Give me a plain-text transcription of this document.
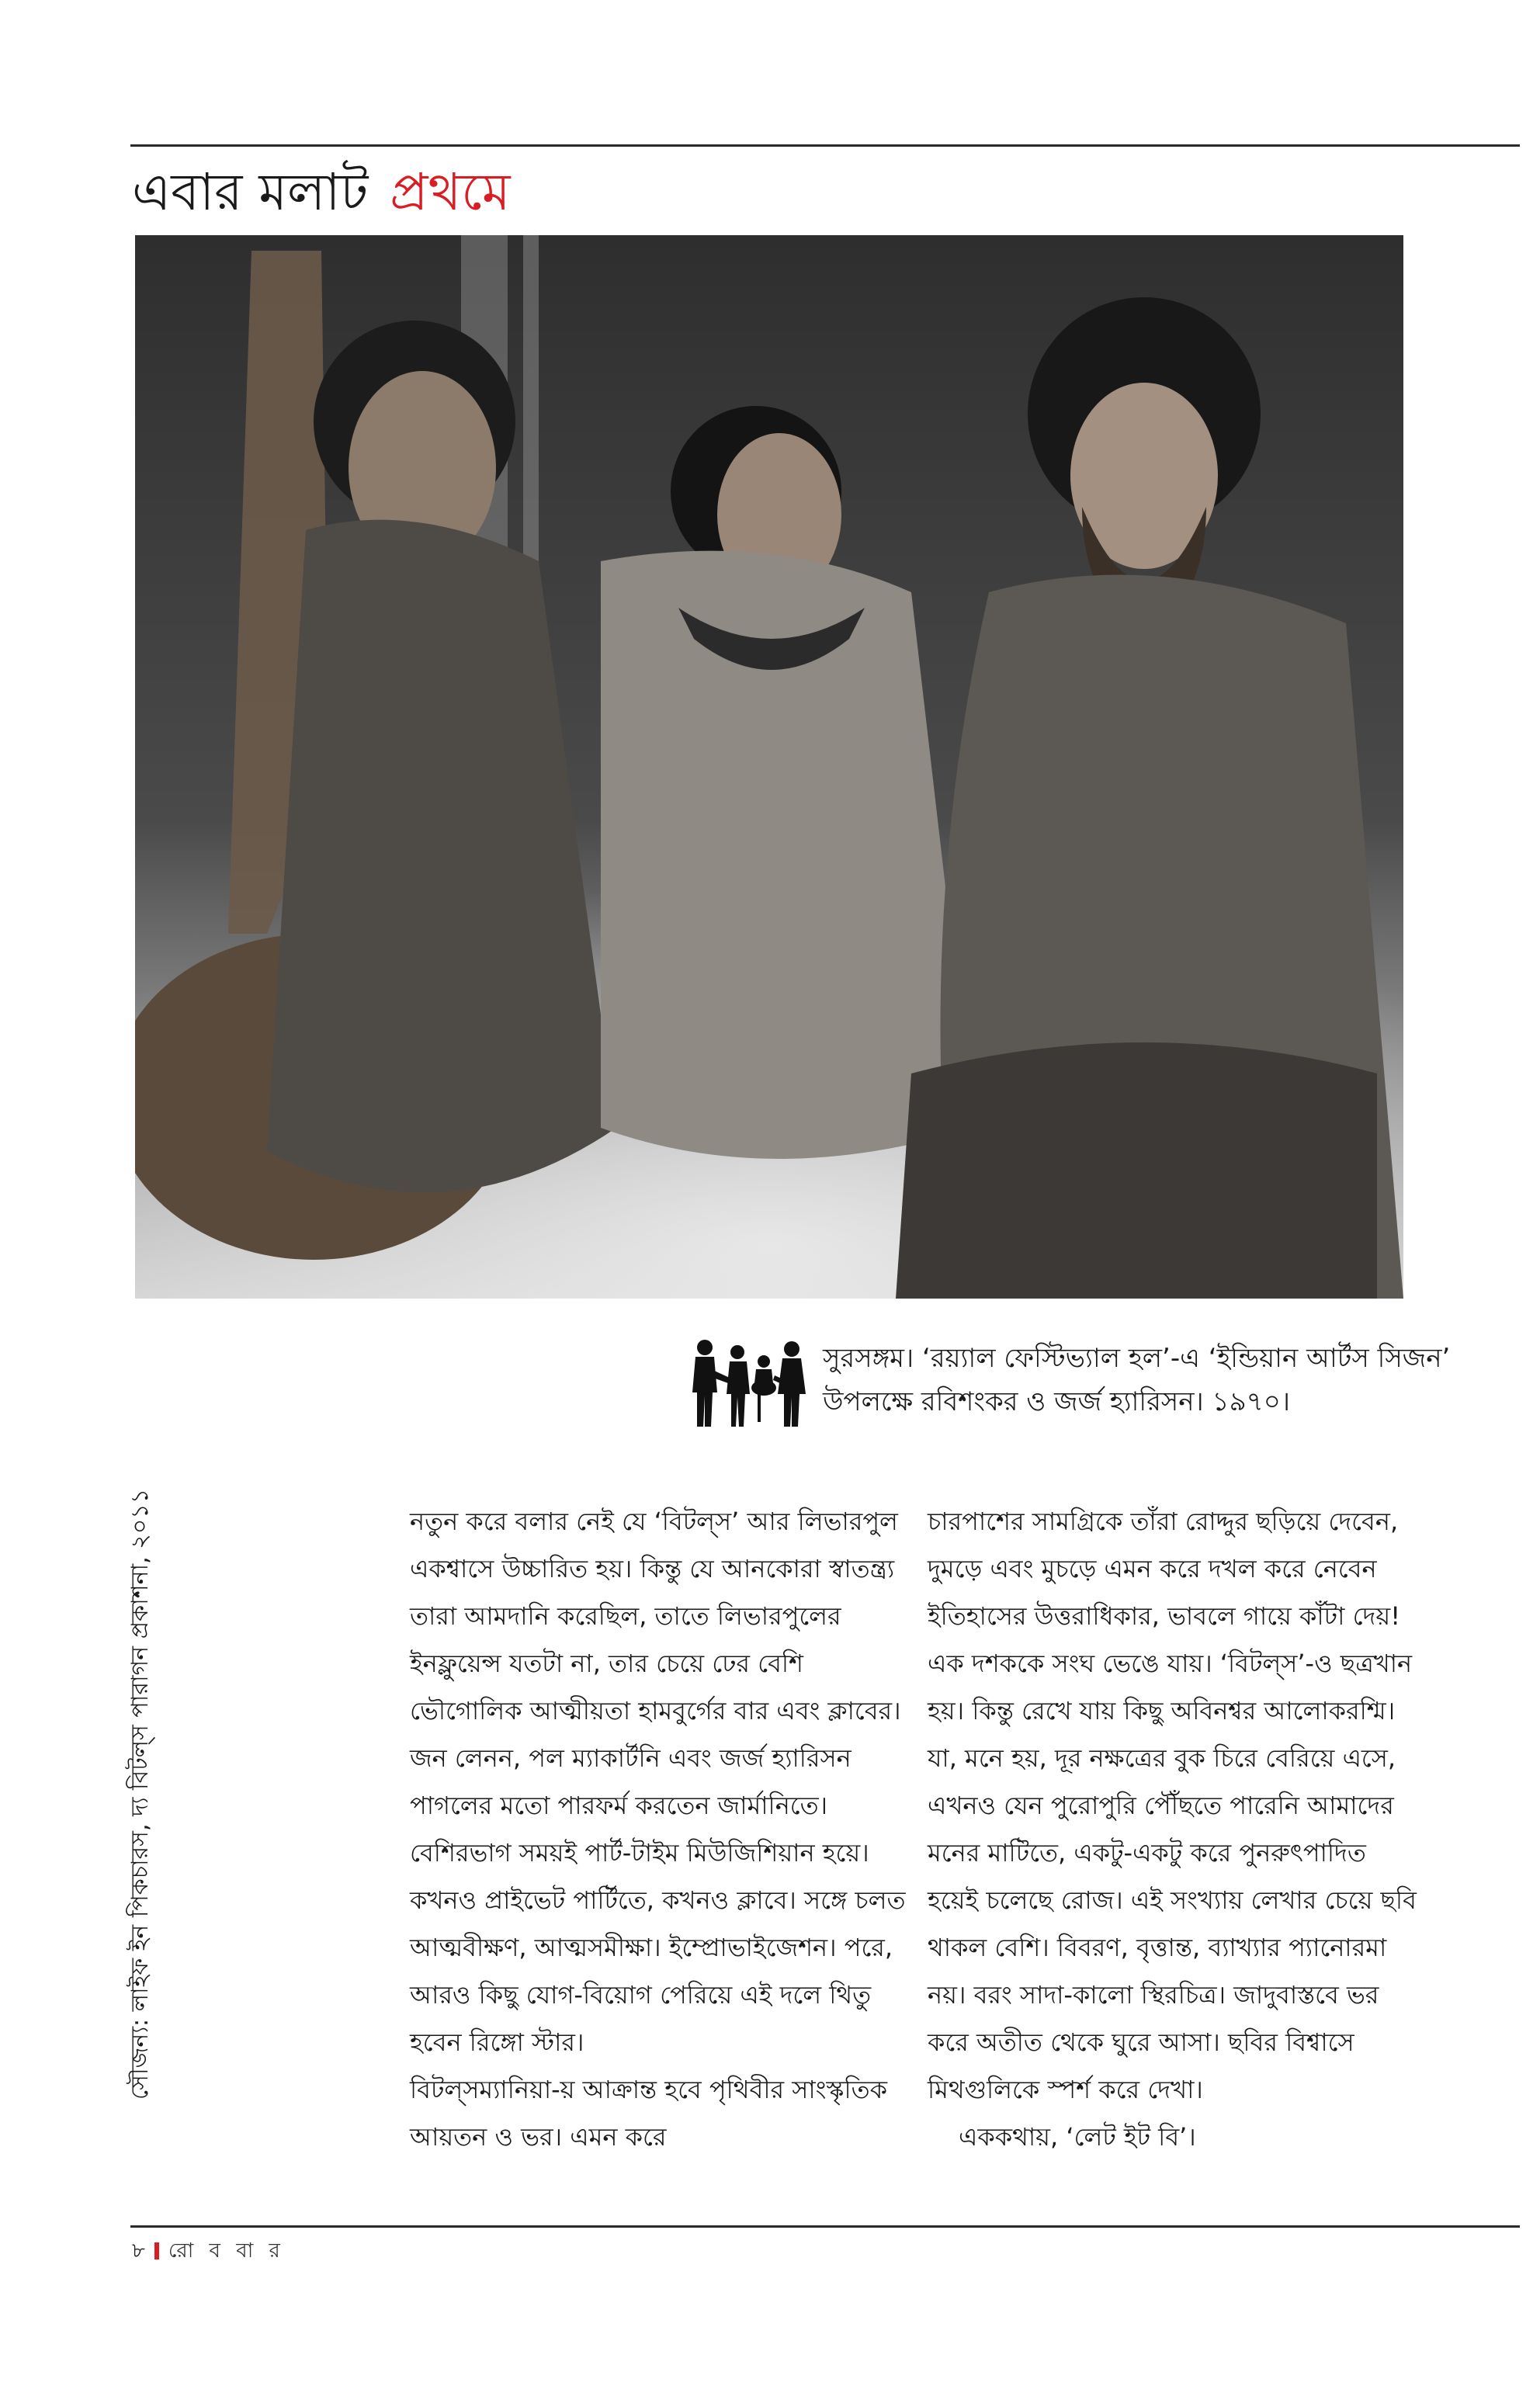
এবার মলাট প্রথমে
সৌজন্য: লাইফ ইন পিকচারস, দ্য বিটল্‌স পারাগন প্রকাশনা, ২০১১
সুরসঙ্গম। ‘রয়্যাল ফেস্টিভ্যাল হল’-এ ‘ইন্ডিয়ান আর্টস সিজন’ উপলক্ষে রবিশংকর ও জর্জ হ্যারিসন। ১৯৭০।

নতুন করে বলার নেই যে ‘বিটল্‌স’ আর লিভারপুল একশ্বাসে উচ্চারিত হয়। কিন্তু যে আনকোরা স্বাতন্ত্র্য তারা আমদানি করেছিল, তাতে লিভারপুলের ইনফ্লুয়েন্স যতটা না, তার চেয়ে ঢের বেশি ভৌগোলিক আত্মীয়তা হামবুর্গের বার এবং ক্লাবের। জন লেনন, পল ম্যাকার্টনি এবং জর্জ হ্যারিসন পাগলের মতো পারফর্ম করতেন জার্মানিতে। বেশিরভাগ সময়ই পার্ট-টাইম মিউজিশিয়ান হয়ে। কখনও প্রাইভেট পার্টিতে, কখনও ক্লাবে। সঙ্গে চলত আত্মবীক্ষণ, আত্মসমীক্ষা। ইম্প্রোভাইজেশন। পরে, আরও কিছু যোগ-বিয়োগ পেরিয়ে এই দলে থিতু হবেন রিঙ্গো স্টার।

বিটল্‌সম্যানিয়া-য় আক্রান্ত হবে পৃথিবীর সাংস্কৃতিক আয়তন ও ভর। এমন করে

চারপাশের সামগ্রিকে তাঁরা রোদ্দুর ছড়িয়ে দেবেন, দুমড়ে এবং মুচড়ে এমন করে দখল করে নেবেন ইতিহাসের উত্তরাধিকার, ভাবলে গায়ে কাঁটা দেয়! এক দশককে সংঘ ভেঙে যায়। ‘বিটল্‌স’-ও ছত্রখান হয়। কিন্তু রেখে যায় কিছু অবিনশ্বর আলোকরশ্মি। যা, মনে হয়, দূর নক্ষত্রের বুক চিরে বেরিয়ে এসে, এখনও যেন পুরোপুরি পৌঁছতে পারেনি আমাদের মনের মাটিতে, একটু-একটু করে পুনরুৎপাদিত হয়েই চলেছে রোজ। এই সংখ্যায় লেখার চেয়ে ছবি থাকল বেশি। বিবরণ, বৃত্তান্ত, ব্যাখ্যার প্যানোরমা নয়। বরং সাদা-কালো স্থিরচিত্র। জাদুবাস্তবে ভর করে অতীত থেকে ঘুরে আসা। ছবির বিশ্বাসে মিথগুলিকে স্পর্শ করে দেখা।

এককথায়, ‘লেট ইট বি’।

৮ রো ব বা র
